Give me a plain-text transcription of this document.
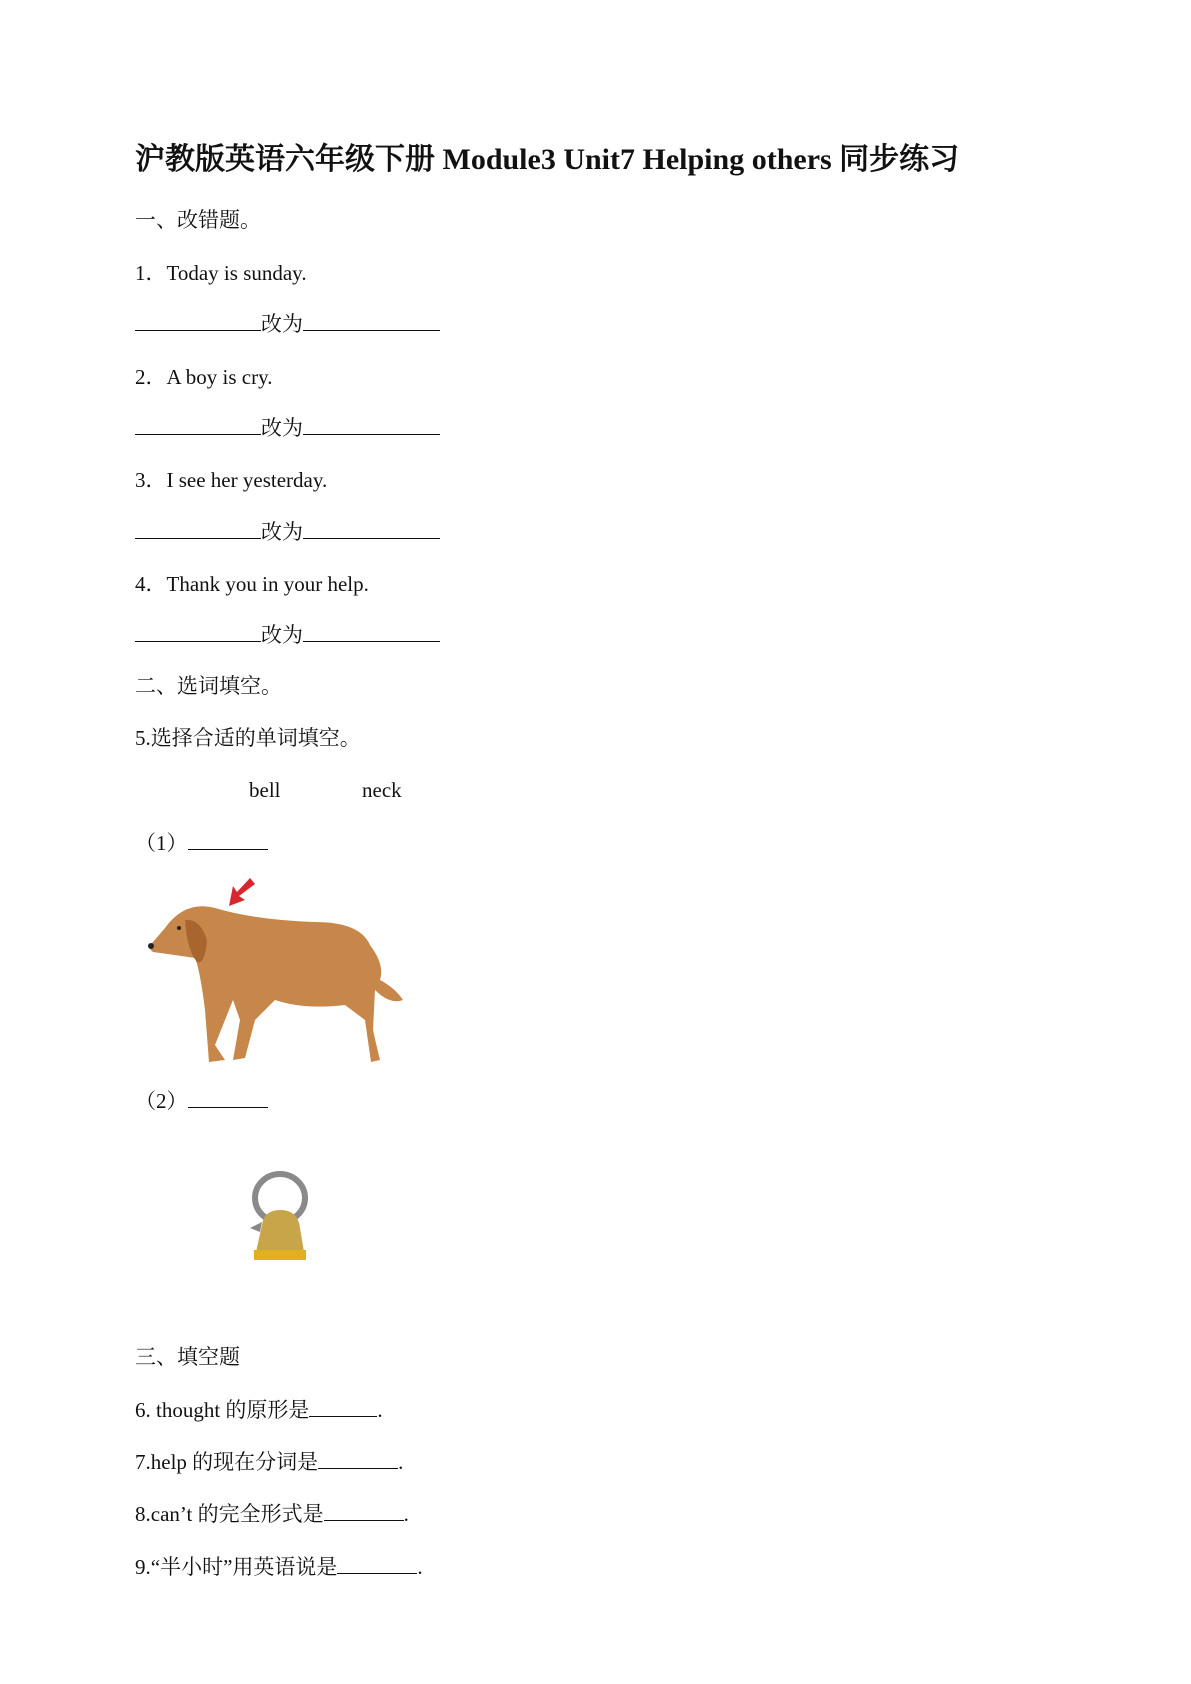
沪教版英语六年级下册 Module3 Unit7 Helping others 同步练习
一、改错题。
1．Today is sunday.
改为
2．A boy is cry.
改为
3．I see her yesterday.
改为
4．Thank you in your help.
改为
二、选词填空。
5.选择合适的单词填空。
bell	neck
（1）
（2）
三、填空题
6. thought 的原形是	.
7.help 的现在分词是	.
8.can’t 的完全形式是	.
9.“半小时”用英语说是	.
